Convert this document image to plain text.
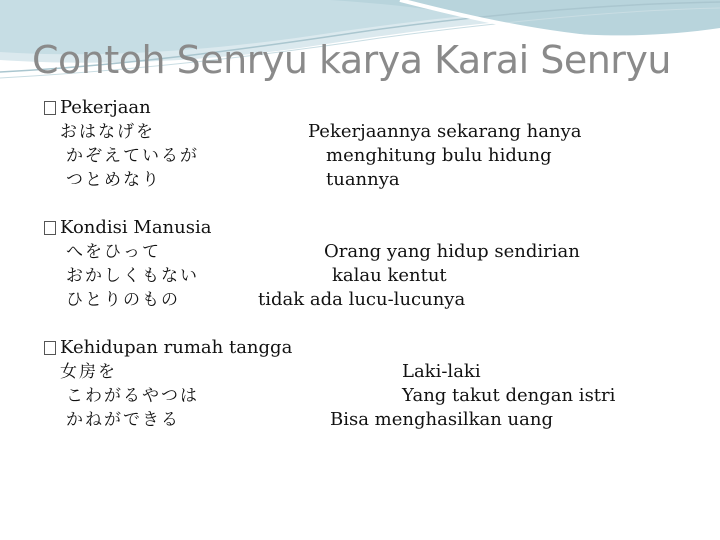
Contoh Senryu karya Karai Senryu
Pekerjaan
おはなげを
かぞえているが
つとめなり
Pekerjaannya sekarang hanya
menghitung bulu hidung
tuannya
Kondisi Manusia
へをひって
おかしくもない
ひとりのもの
Orang yang hidup sendirian
kalau kentut
tidak ada lucu-lucunya
Kehidupan rumah tangga
女房を
こわがるやつは
かねができる
Laki-laki
Yang takut dengan istri
Bisa menghasilkan uang
